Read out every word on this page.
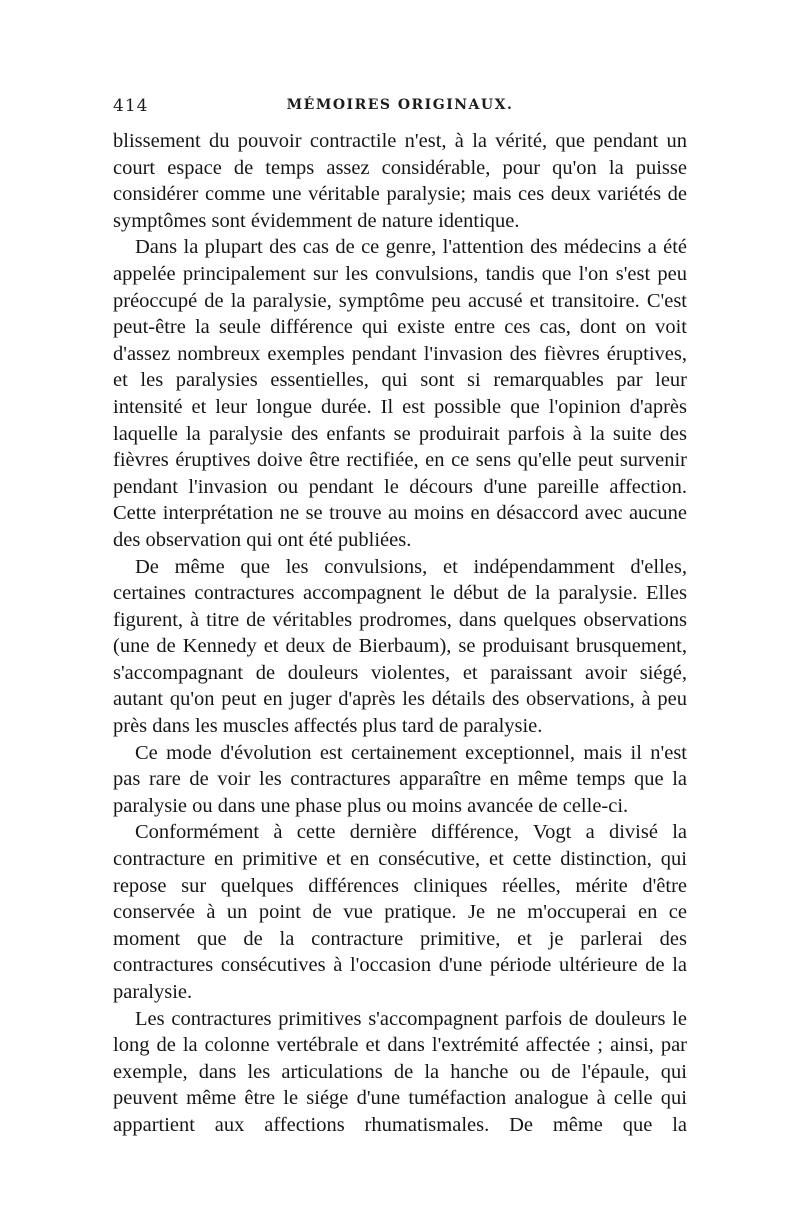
414	MÉMOIRES ORIGINAUX.

blissement du pouvoir contractile n'est, à la vérité, que pendant un court espace de temps assez considérable, pour qu'on la puisse considérer comme une véritable paralysie; mais ces deux variétés de symptômes sont évidemment de nature identique.

Dans la plupart des cas de ce genre, l'attention des médecins a été appelée principalement sur les convulsions, tandis que l'on s'est peu préoccupé de la paralysie, symptôme peu accusé et transitoire. C'est peut-être la seule différence qui existe entre ces cas, dont on voit d'assez nombreux exemples pendant l'invasion des fièvres éruptives, et les paralysies essentielles, qui sont si remarquables par leur intensité et leur longue durée. Il est possible que l'opinion d'après laquelle la paralysie des enfants se produirait parfois à la suite des fièvres éruptives doive être rectifiée, en ce sens qu'elle peut survenir pendant l'invasion ou pendant le décours d'une pareille affection. Cette interprétation ne se trouve au moins en désaccord avec aucune des observation qui ont été publiées.

De même que les convulsions, et indépendamment d'elles, certaines contractures accompagnent le début de la paralysie. Elles figurent, à titre de véritables prodromes, dans quelques observations (une de Kennedy et deux de Bierbaum), se produisant brusquement, s'accompagnant de douleurs violentes, et paraissant avoir siégé, autant qu'on peut en juger d'après les détails des observations, à peu près dans les muscles affectés plus tard de paralysie.

Ce mode d'évolution est certainement exceptionnel, mais il n'est pas rare de voir les contractures apparaître en même temps que la paralysie ou dans une phase plus ou moins avancée de celle-ci.

Conformément à cette dernière différence, Vogt a divisé la contracture en primitive et en consécutive, et cette distinction, qui repose sur quelques différences cliniques réelles, mérite d'être conservée à un point de vue pratique. Je ne m'occuperai en ce moment que de la contracture primitive, et je parlerai des contractures consécutives à l'occasion d'une période ultérieure de la paralysie.

Les contractures primitives s'accompagnent parfois de douleurs le long de la colonne vertébrale et dans l'extrémité affectée ; ainsi, par exemple, dans les articulations de la hanche ou de l'épaule, qui peuvent même être le siége d'une tuméfaction analogue à celle qui appartient aux affections rhumatismales. De même que la
